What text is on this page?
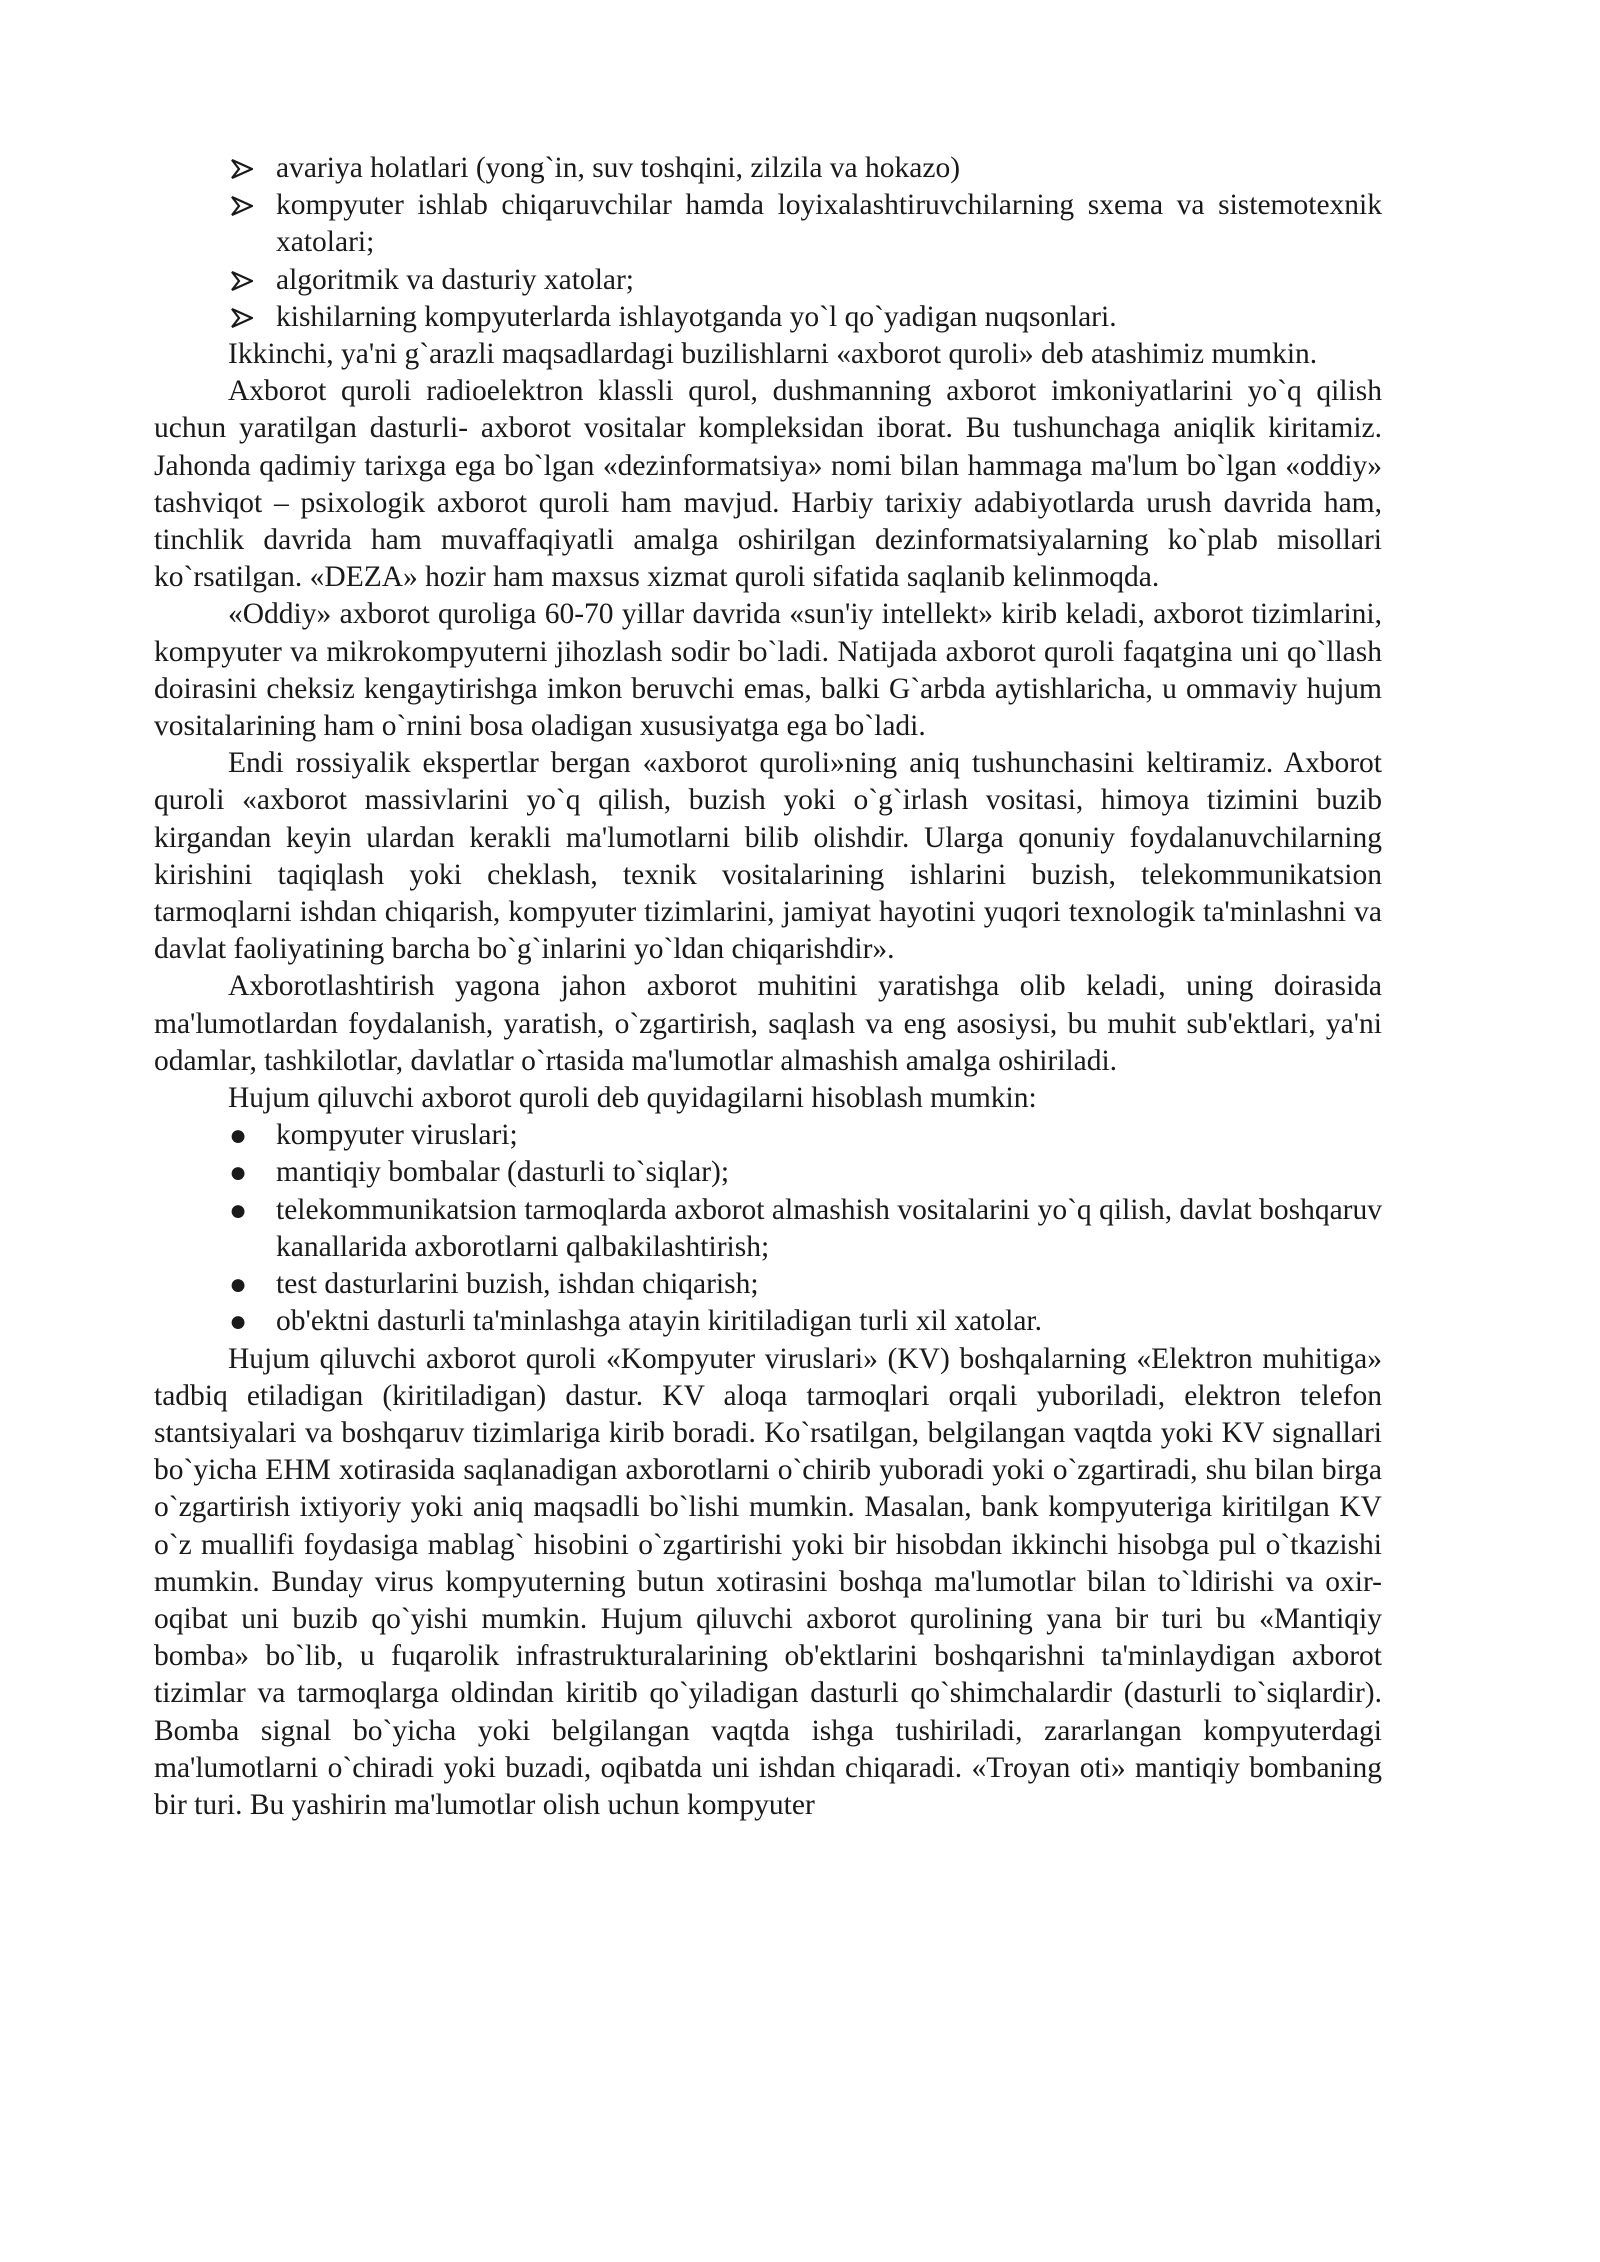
avariya holatlari (yong`in, suv toshqini, zilzila va hokazo)
kompyuter ishlab chiqaruvchilar hamda loyixalashtiruvchilarning sxema va sistemotexnik xatolari;
algoritmik va dasturiy xatolar;
kishilarning kompyuterlarda ishlayotganda yo`l qo`yadigan nuqsonlari.

Ikkinchi, ya'ni g`arazli maqsadlardagi buzilishlarni «axborot quroli» deb atashimiz mumkin.

Axborot quroli radioelektron klassli qurol, dushmanning axborot imkoniyatlarini yo`q qilish uchun yaratilgan dasturli- axborot vositalar kompleksidan iborat. Bu tushunchaga aniqlik kiritamiz. Jahonda qadimiy tarixga ega bo`lgan «dezinformatsiya» nomi bilan hammaga ma'lum bo`lgan «oddiy» tashviqot – psixologik axborot quroli ham mavjud. Harbiy tarixiy adabiyotlarda urush davrida ham, tinchlik davrida ham muvaffaqiyatli amalga oshirilgan dezinformatsiyalarning ko`plab misollari ko`rsatilgan. «DEZA» hozir ham maxsus xizmat quroli sifatida saqlanib kelinmoqda.

«Oddiy» axborot quroliga 60-70 yillar davrida «sun'iy intellekt» kirib keladi, axborot tizimlarini, kompyuter va mikrokompyuterni jihozlash sodir bo`ladi. Natijada axborot quroli faqatgina uni qo`llash doirasini cheksiz kengaytirishga imkon beruvchi emas, balki G`arbda aytishlaricha, u ommaviy hujum vositalarining ham o`rnini bosa oladigan xususiyatga ega bo`ladi.

Endi rossiyalik ekspertlar bergan «axborot quroli»ning aniq tushunchasini keltiramiz. Axborot quroli «axborot massivlarini yo`q qilish, buzish yoki o`g`irlash vositasi, himoya tizimini buzib kirgandan keyin ulardan kerakli ma'lumotlarni bilib olishdir. Ularga qonuniy foydalanuvchilarning kirishini taqiqlash yoki cheklash, texnik vositalarining ishlarini buzish, telekommunikatsion tarmoqlarni ishdan chiqarish, kompyuter tizimlarini, jamiyat hayotini yuqori texnologik ta'minlashni va davlat faoliyatining barcha bo`g`inlarini yo`ldan chiqarishdir».

Axborotlashtirish yagona jahon axborot muhitini yaratishga olib keladi, uning doirasida ma'lumotlardan foydalanish, yaratish, o`zgartirish, saqlash va eng asosiysi, bu muhit sub'ektlari, ya'ni odamlar, tashkilotlar, davlatlar o`rtasida ma'lumotlar almashish amalga oshiriladi.

Hujum qiluvchi axborot quroli deb quyidagilarni hisoblash mumkin:

● kompyuter viruslari;
● mantiqiy bombalar (dasturli to`siqlar);
● telekommunikatsion tarmoqlarda axborot almashish vositalarini yo`q qilish, davlat boshqaruv kanallarida axborotlarni qalbakilashtirish;
● test dasturlarini buzish, ishdan chiqarish;
● ob'ektni dasturli ta'minlashga atayin kiritiladigan turli xil xatolar.

Hujum qiluvchi axborot quroli «Kompyuter viruslari» (KV) boshqalarning «Elektron muhitiga» tadbiq etiladigan (kiritiladigan) dastur. KV aloqa tarmoqlari orqali yuboriladi, elektron telefon stantsiyalari va boshqaruv tizimlariga kirib boradi. Ko`rsatilgan, belgilangan vaqtda yoki KV signallari bo`yicha EHM xotirasida saqlanadigan axborotlarni o`chirib yuboradi yoki o`zgartiradi, shu bilan birga o`zgartirish ixtiyoriy yoki aniq maqsadli bo`lishi mumkin. Masalan, bank kompyuteriga kiritilgan KV o`z muallifi foydasiga mablag` hisobini o`zgartirishi yoki bir hisobdan ikkinchi hisobga pul o`tkazishi mumkin. Bunday virus kompyuterning butun xotirasini boshqa ma'lumotlar bilan to`ldirishi va oxir-oqibat uni buzib qo`yishi mumkin. Hujum qiluvchi axborot qurolining yana bir turi bu «Mantiqiy bomba» bo`lib, u fuqarolik infrastrukturalarining ob'ektlarini boshqarishni ta'minlaydigan axborot tizimlar va tarmoqlarga oldindan kiritib qo`yiladigan dasturli qo`shimchalardir (dasturli to`siqlardir). Bomba signal bo`yicha yoki belgilangan vaqtda ishga tushiriladi, zararlangan kompyuterdagi ma'lumotlarni o`chiradi yoki buzadi, oqibatda uni ishdan chiqaradi. «Troyan oti» mantiqiy bombaning bir turi. Bu yashirin ma'lumotlar olish uchun kompyuter
